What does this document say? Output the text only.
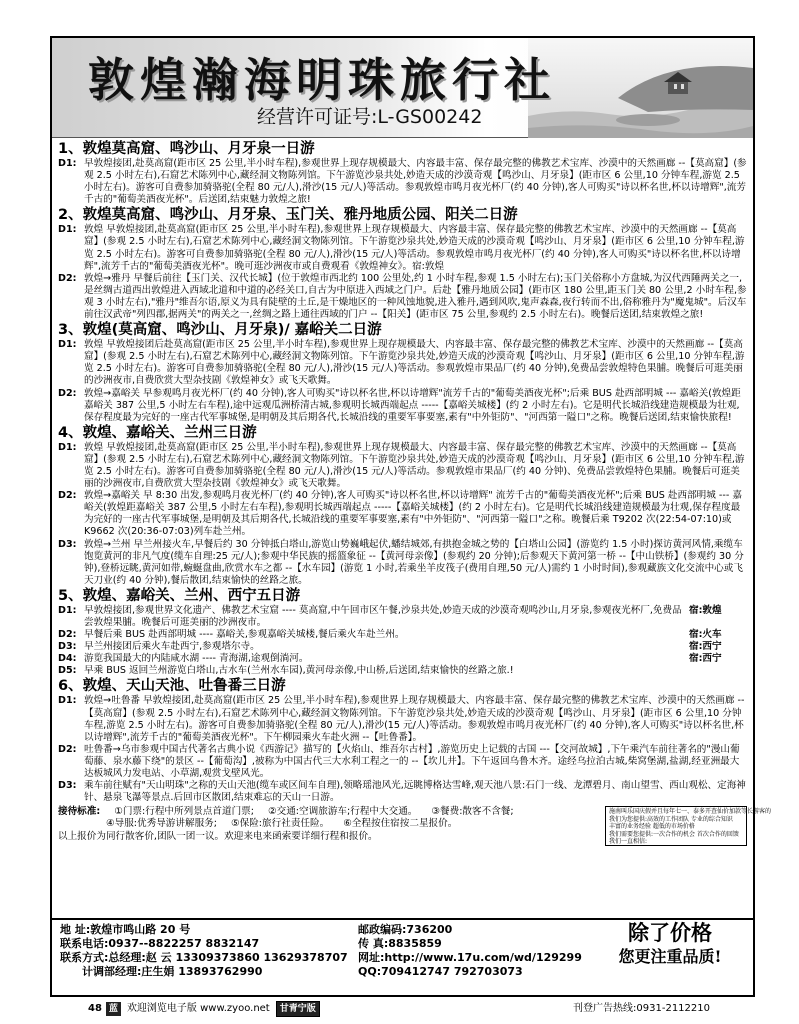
敦煌瀚海明珠旅行社
经营许可证号:L-GS00242
1、敦煌莫高窟、鸣沙山、月牙泉一日游
D1: 早敦煌接团,赴莫高窟(距市区 25 公里,半小时车程),参观世界上现存规模最大、内容最丰富、保存最完整的佛教艺术宝库、沙漠中的天然画廊 --【莫高窟】(参观 2.5 小时左右),石窟艺术陈列中心,藏经洞文物陈列馆。下午游览沙泉共处,妙造天成的沙漠奇观【鸣沙山、月牙泉】(距市区 6 公里,10 分钟车程,游览 2.5 小时左右)。游客可自费参加骑骆驼(全程 80 元/人),滑沙(15 元/人)等活动。参观敦煌市鸣月夜光杯厂(约 40 分钟),客人可购买"诗以杯名世,杯以诗增辉",流芳千古的"葡萄美酒夜光杯"。后送团,结束魅力敦煌之旅!
2、敦煌莫高窟、鸣沙山、月牙泉、玉门关、雅丹地质公园、阳关二日游
D1: 敦煌 早敦煌接团,赴莫高窟(距市区 25 公里,半小时车程),参观世界上现存规模最大、内容最丰富、保存最完整的佛教艺术宝库、沙漠中的天然画廊 --【莫高窟】(参观 2.5 小时左右),石窟艺术陈列中心,藏经洞文物陈列馆。下午游览沙泉共处,妙造天成的沙漠奇观【鸣沙山、月牙泉】(距市区 6 公里,10 分钟车程,游览 2.5 小时左右)。游客可自费参加骑骆驼(全程 80 元/人),滑沙(15 元/人)等活动。参观敦煌市鸣月夜光杯厂(约 40 分钟),客人可购买"诗以杯名世,杯以诗增辉",流芳千古的"葡萄美酒夜光杯"。晚可逛沙洲夜市或自费观看《敦煌神女》。宿:敦煌
D2: 敦煌→雅丹 早餐后前往【玉门关、汉代长城】(位于敦煌市西北约 100 公里处,约 1 小时车程,参观 1.5 小时左右);玉门关俗称小方盘城,为汉代西陲两关之一,是丝绸古道西出敦煌进入西域北道和中道的必经关口,自古为中原进入西域之门户。后赴【雅丹地质公园】(距市区 180 公里,距玉门关 80 公里,2 小时车程,参观 3 小时左右),"雅丹"维吾尔语,原义为具有陡壁的土丘,是干燥地区的一种风蚀地貌,进入雅丹,遇到风吹,鬼声森森,夜行转而不出,俗称雅丹为"魔鬼城"。后汉车前往汉武帝"列四郡,据两关"的两关之一,丝绸之路上通往西域的门户 --【阳关】(距市区 75 公里,参观约 2.5 小时左右)。晚餐后送团,结束敦煌之旅!
3、敦煌(莫高窟、鸣沙山、月牙泉)/ 嘉峪关二日游
D1: 敦煌 早敦煌接团后赴莫高窟(距市区 25 公里,半小时车程),参观世界上现存规模最大、内容最丰富、保存最完整的佛教艺术宝库、沙漠中的天然画廊 --【莫高窟】(参观 2.5 小时左右),石窟艺术陈列中心,藏经洞文物陈列馆。下午游览沙泉共处,妙造天成的沙漠奇观【鸣沙山、月牙泉】(距市区 6 公里,10 分钟车程,游览 2.5 小时左右)。游客可自费参加骑骆驼(全程 80 元/人),滑沙(15 元/人)等活动。参观敦煌市果品厂(约 40 分钟),免费品尝敦煌特色果脯。晚餐后可逛美丽的沙洲夜市,自费欣赏大型杂技剧《敦煌神女》或飞天歌舞。
D2: 敦煌→嘉峪关 早参观鸣月夜光杯厂(约 40 分钟),客人可购买"诗以杯名世,杯以诗增辉"流芳千古的"葡萄美酒夜光杯";后乘 BUS 赴西部明城 --- 嘉峪关(敦煌距嘉峪关 387 公里,5 小时左右车程),途中远观瓜洲桥清古城,参观明长城西端起点 -----【嘉峪关城楼】(约 2 小时左右)。它是明代长城沿线建造规模最为壮观,保存程度最为完好的一座古代军事城堡,是明朝及其后期各代,长城沿线的重要军事要塞,素有"中外钜防"、"河西第一隘口"之称。晚餐后送团,结束愉快旅程!
4、敦煌、嘉峪关、兰州三日游
D1: 敦煌 早敦煌接团,赴莫高窟(距市区 25 公里,半小时车程),参观世界上现存规模最大、内容最丰富、保存最完整的佛教艺术宝库、沙漠中的天然画廊 --【莫高窟】(参观 2.5 小时左右),石窟艺术陈列中心,藏经洞文物陈列馆。下午游览沙泉共处,妙造天成的沙漠奇观【鸣沙山、月牙泉】(距市区 6 公里,10 分钟车程,游览 2.5 小时左右)。游客可自费参加骑骆驼(全程 80 元/人),滑沙(15 元/人)等活动。参观敦煌市果品厂(约 40 分钟)、免费品尝敦煌特色果脯。晚餐后可逛美丽的沙洲夜市,自费欣赏大型杂技剧《敦煌神女》或飞天歌舞。
D2: 敦煌→嘉峪关 早 8:30 出发,参观鸣月夜光杯厂(约 40 分钟),客人可购买"诗以杯名世,杯以诗增辉" 流芳千古的"葡萄美酒夜光杯";后乘 BUS 赴西部明城 --- 嘉峪关(敦煌距嘉峪关 387 公里,5 小时左右车程),参观明长城西端起点 -----【嘉峪关城楼】(约 2 小时左右)。它是明代长城沿线建造规模最为壮观,保存程度最为完好的一座古代军事城堡,是明朝及其后期各代,长城沿线的重要军事要塞,素有"中外钜防"、"河西第一隘口"之称。晚餐后乘 T9202 次(22:54-07:10)或 K9662 次(20:36-07:03)列车赴兰州。
D3: 敦煌→兰州 早兰州接火车,早餐后约 30 分钟抵白塔山,游览山势巍峨起伏,蟠结城郊,有拱抱金城之势的【白塔山公园】(游览约 1.5 小时)探访黄河风情,乘缆车饱览黄河的非凡气度(缆车自理:25 元/人);参观中华民族的摇篮象征 --【黄河母亲像】(参观约 20 分钟);后参观天下黄河第一桥 --【中山铁桥】(参观约 30 分钟),登桥远眺,黄河如带,蜿蜒盘曲,欣赏水车之都 --【水车园】(游览 1 小时,若乘坐羊皮筏子(费用自理,50 元/人)需约 1 小时时间),参观藏族文化交流中心或飞天刀业(约 40 分钟),餐后散团,结束愉快的丝路之旅。
5、敦煌、嘉峪关、兰州、西宁五日游
D1: 早敦煌接团,参观世界文化遗产、佛教艺术宝窟 ---- 莫高窟,中午回市区午餐,沙泉共处,妙造天成的沙漠奇观鸣沙山,月牙泉,参观夜光杯厂,免费品尝敦煌果脯。晚餐后可逛美丽的沙洲夜市。
宿:敦煌
D2: 早餐后乘 BUS 赴西部明城 ---- 嘉峪关,参观嘉峪关城楼,餐后乘火车赴兰州。	宿:火车
D3: 早兰州接团后乘火车赴西宁,参观塔尔寺。	宿:西宁
D4: 游览我国最大的内陆咸水湖 ---- 青海湖,途观倒淌河。	宿:西宁
D5: 早乘 BUS 返回兰州游览白塔山,古水车(兰州水车园),黄河母亲像,中山桥,后送团,结束愉快的丝路之旅.!
6、敦煌、天山天池、吐鲁番三日游
D1: 敦煌→吐鲁番 早敦煌接团,赴莫高窟(距市区 25 公里,半小时车程),参观世界上现存规模最大、内容最丰富、保存最完整的佛教艺术宝库、沙漠中的天然画廊 --【莫高窟】(参观 2.5 小时左右),石窟艺术陈列中心,藏经洞文物陈列馆。下午游览沙泉共处,妙造天成的沙漠奇观【鸣沙山、月牙泉】(距市区 6 公里,10 分钟车程,游览 2.5 小时左右)。游客可自费参加骑骆驼(全程 80 元/人),滑沙(15 元/人)等活动。参观敦煌市鸣月夜光杯厂(约 40 分钟),客人可购买"诗以杯名世,杯以诗增辉",流芳千古的"葡萄美酒夜光杯"。下午柳园乘火车赴火洲 --【吐鲁番】。
D2: 吐鲁番→乌市参观中国古代著名古典小说《西游记》描写的【火焰山、维吾尔古村】,游览历史上记载的古国 ---【交河故城】,下午乘汽车前往著名的"漫山葡萄藤、泉水藤下绕"的景区 --【葡萄沟】,被称为中国古代三大水利工程之一的 --【坎儿井】。下午返回乌鲁木齐。途经乌拉泊古城,柴窝堡湖,盐湖,经亚洲最大达板城风力发电站、小草湖,观赏戈壁风光。
D3: 乘车前往赋有"天山明珠"之称的天山天池(缆车或区间车自理),领略瑶池风光,远眺博格达雪峰,观天池八景:石门一线、龙潭碧月、南山望雪、西山观松、定海神针、悬泉飞瀑等景点.后回市区散团,结束难忘的天山一日游。
施南叫乐国庆假并且每年七一、泰多开查仙价加款等长游客的
我们为您提供:高效的工作团队 专业的综合知识
丰富的业务经验 超低的市场价格
我们需要您提供:一次合作的机会 首次合作的回馈
我们一直相信:
接待标准: ①门票:行程中所列景点首道门票; ②交通:空调旅游车;行程中大交通。 ③餐费:散客不含餐;
④导服:优秀导游讲解服务; ⑤保险:旅行社责任险。 ⑥全程按住宿按二星报价。
以上报价为同行散客价,团队一团一议。欢迎来电来函索要详细行程和报价。
地 址:敦煌市鸣山路 20 号	邮政编码:736200
联系电话:0937--8822257 8832147	传 真:8835859
联系方式:总经理:赵 云 13309373860 13629378707 网址:http://www.17u.com/wd/129299
计调部经理:庄生娟 13893762990	QQ:709412747 792703073
除了价格
您更注重品质!
48 蓝 欢迎浏览电子版 www.zyoo.net	甘青宁版	刊登广告热线:0931-2112210
